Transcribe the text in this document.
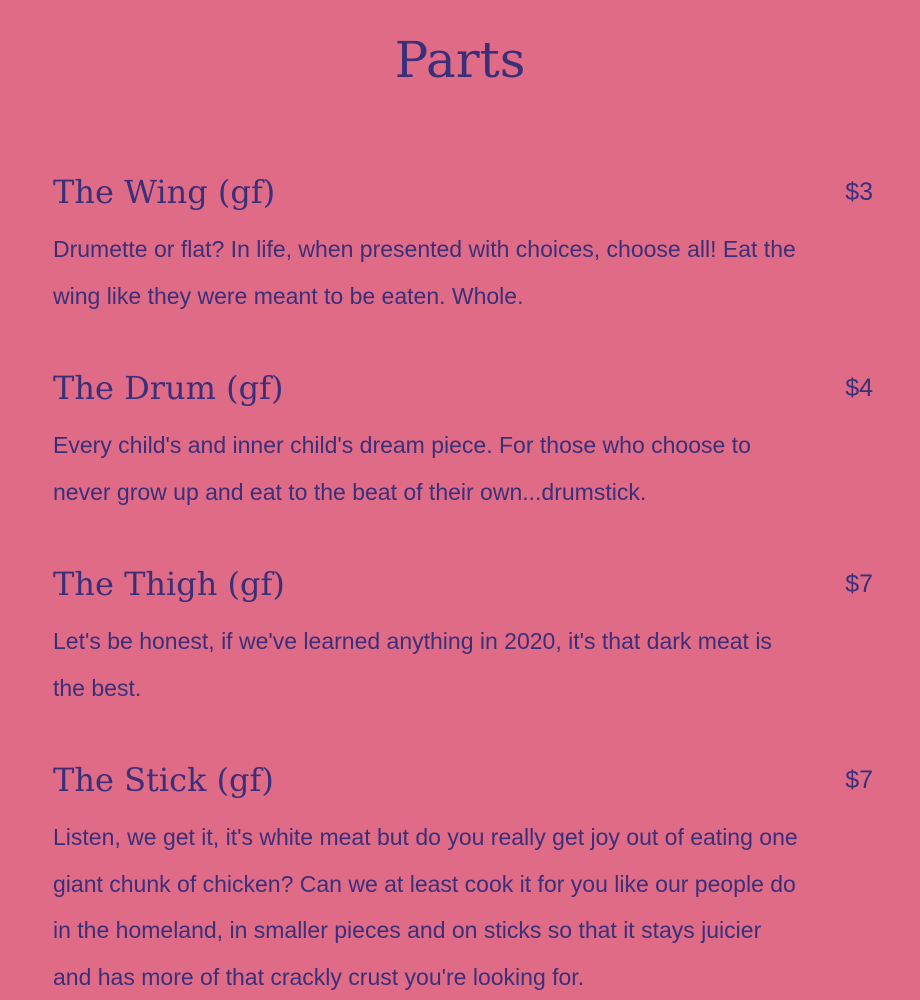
Parts
The Wing (gf)	$3

Drumette or flat? In life, when presented with choices, choose all! Eat the wing like they were meant to be eaten. Whole.

The Drum (gf)	$4

Every child's and inner child's dream piece. For those who choose to never grow up and eat to the beat of their own...drumstick.

The Thigh (gf)	$7

Let's be honest, if we've learned anything in 2020, it's that dark meat is the best.

The Stick (gf)	$7

Listen, we get it, it's white meat but do you really get joy out of eating one giant chunk of chicken? Can we at least cook it for you like our people do in the homeland, in smaller pieces and on sticks so that it stays juicier and has more of that crackly crust you're looking for.
